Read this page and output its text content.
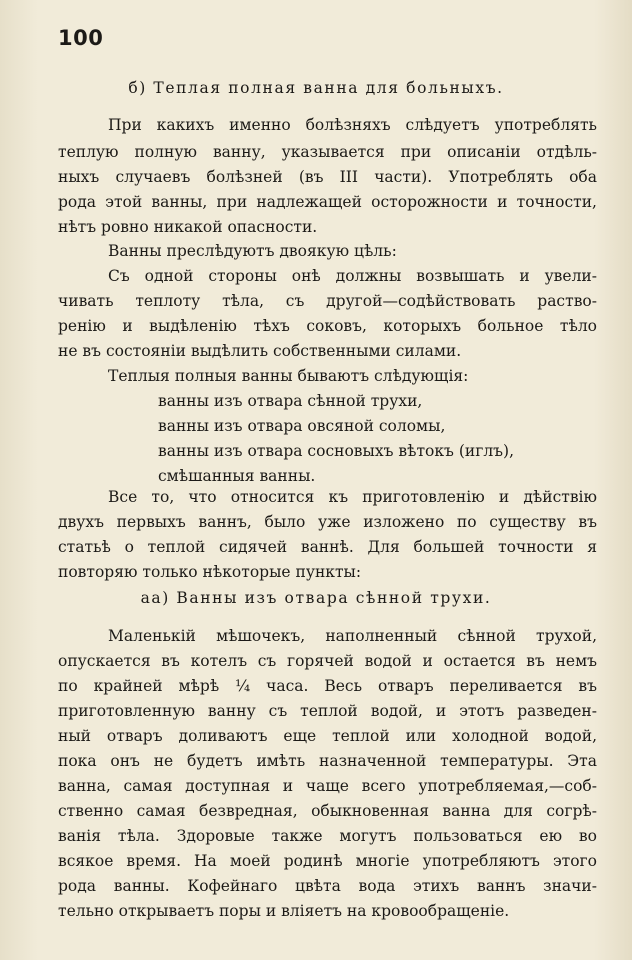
100
б) Теплая полная ванна для больныхъ.
При какихъ именно болѣзняхъ слѣдуетъ употреблять
теплую полную ванну, указывается при описаніи отдѣль-
ныхъ случаевъ болѣзней (въ III части). Употреблять оба
рода этой ванны, при надлежащей осторожности и точности,
нѣтъ ровно никакой опасности.
Ванны преслѣдуютъ двоякую цѣль:
Съ одной стороны онѣ должны возвышать и увели-
чивать теплоту тѣла, съ другой—содѣйствовать раство-
ренію и выдѣленію тѣхъ соковъ, которыхъ больное тѣло
не въ состояніи выдѣлить собственными силами.
Теплыя полныя ванны бываютъ слѣдующія:
ванны изъ отвара сѣнной трухи,
ванны изъ отвара овсяной соломы,
ванны изъ отвара сосновыхъ вѣтокъ (иглъ),
смѣшанныя ванны.
Все то, что относится къ приготовленію и дѣйствію
двухъ первыхъ ваннъ, было уже изложено по существу въ
статьѣ о теплой сидячей ваннѣ. Для большей точности я
повторяю только нѣкоторые пункты:
Маленькій мѣшочекъ, наполненный сѣнной трухой,
опускается въ котелъ съ горячей водой и остается въ немъ
по крайней мѣрѣ ¼ часа. Весь отваръ переливается въ
приготовленную ванну съ теплой водой, и этотъ разведен-
ный отваръ доливаютъ еще теплой или холодной водой,
пока онъ не будетъ имѣть назначенной температуры. Эта
ванна, самая доступная и чаще всего употребляемая,—соб-
ственно самая безвредная, обыкновенная ванна для согрѣ-
ванія тѣла. Здоровые также могутъ пользоваться ею во
всякое время. На моей родинѣ многіе употребляютъ этого
рода ванны. Кофейнаго цвѣта вода этихъ ваннъ значи-
тельно открываетъ поры и вліяетъ на кровообращеніе.
аа) Ванны изъ отвара сѣнной трухи.
